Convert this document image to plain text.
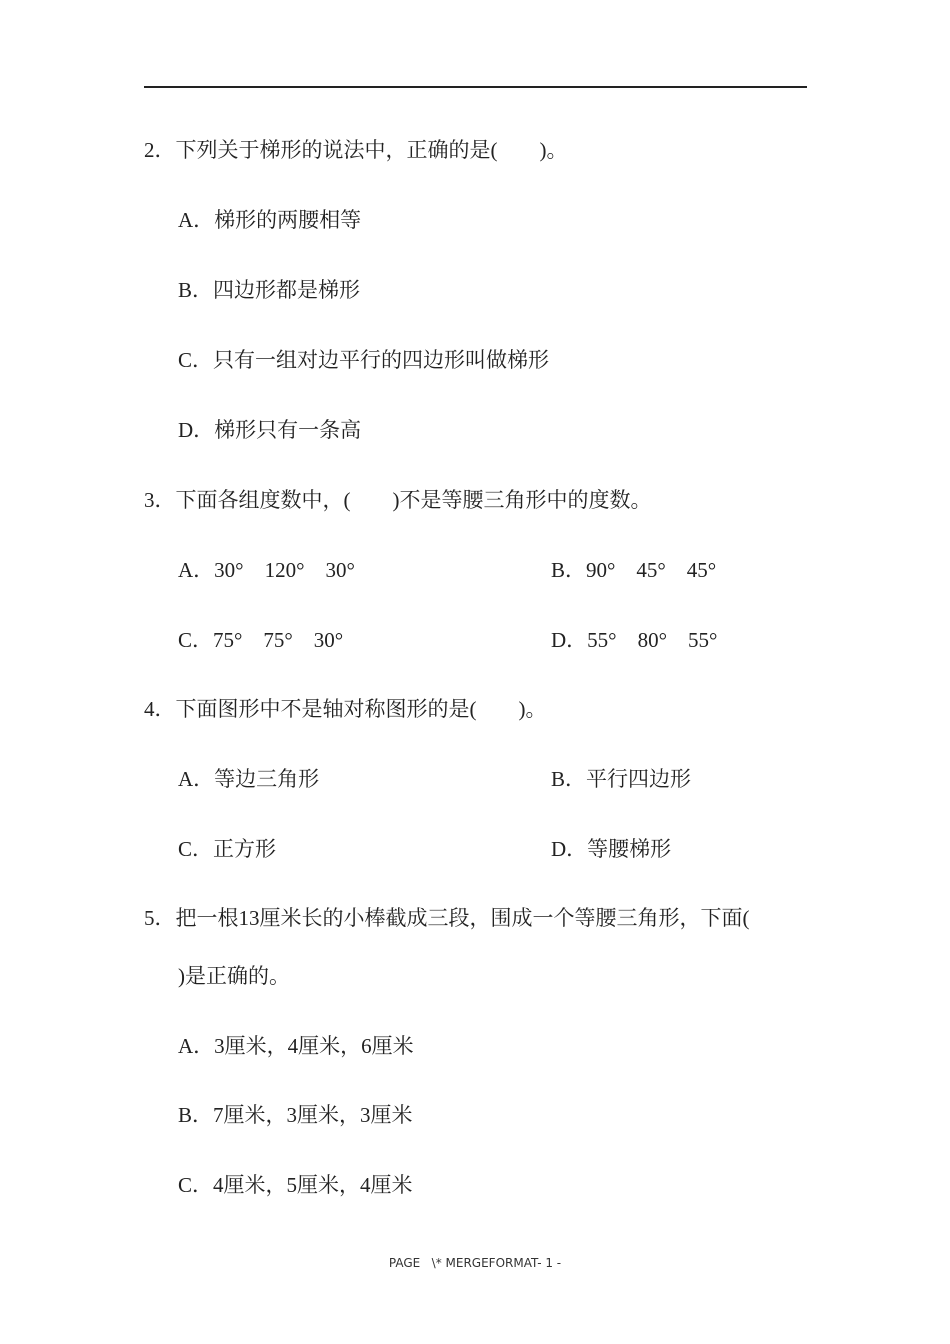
2．下列关于梯形的说法中，正确的是(　　)。
A．梯形的两腰相等
B．四边形都是梯形
C．只有一组对边平行的四边形叫做梯形
D．梯形只有一条高
3．下面各组度数中，(　　)不是等腰三角形中的度数。
A．30°　120°　30°	B．90°　45°　45°
C．75°　75°　30°	D．55°　80°　55°
4．下面图形中不是轴对称图形的是(　　)。
A．等边三角形	B．平行四边形
C．正方形	D．等腰梯形
5．把一根13厘米长的小棒截成三段，围成一个等腰三角形，下面(
)是正确的。
A．3厘米，4厘米，6厘米
B．7厘米，3厘米，3厘米
C．4厘米，5厘米，4厘米
PAGE   \* MERGEFORMAT- 1 -
